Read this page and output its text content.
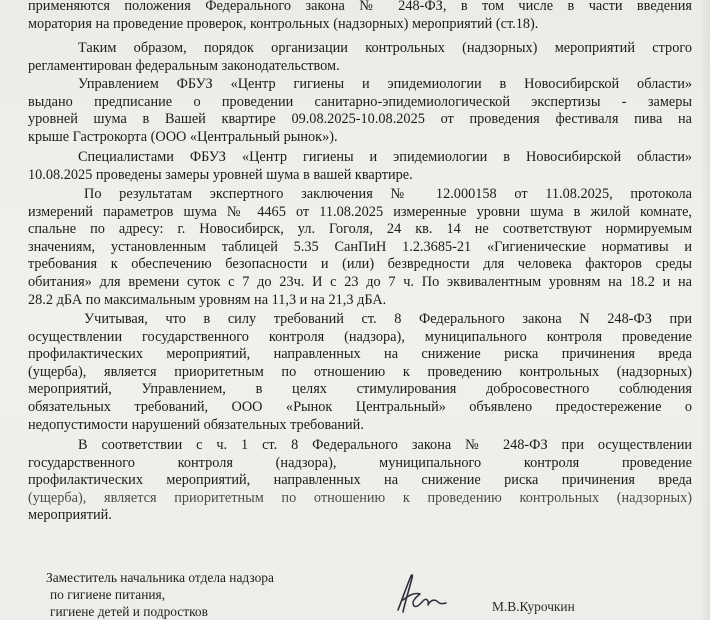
применяются положения Федерального закона № 248-ФЗ, в том числе в части введения
моратория на проведение проверок, контрольных (надзорных) мероприятий (ст.18).
Таким образом, порядок организации контрольных (надзорных) мероприятий строго
регламентирован федеральным законодательством.
Управлением ФБУЗ «Центр гигиены и эпидемиологии в Новосибирской области»
выдано предписание о проведении санитарно-эпидемиологической экспертизы - замеры
уровней шума в Вашей квартире 09.08.2025-10.08.2025 от проведения фестиваля пива на
крыше Гастрокорта (ООО «Центральный рынок»).
Специалистами ФБУЗ «Центр гигиены и эпидемиологии в Новосибирской области»
10.08.2025 проведены замеры уровней шума в вашей квартире.
По результатам экспертного заключения № 12.000158 от 11.08.2025, протокола
измерений параметров шума № 4465 от 11.08.2025 измеренные уровни шума в жилой комнате,
спальне по адресу: г. Новосибирск, ул. Гоголя, 24 кв. 14 не соответствуют нормируемым
значениям, установленным таблицей 5.35 СанПиН 1.2.3685-21 «Гигиенические нормативы и
требования к обеспечению безопасности и (или) безвредности для человека факторов среды
обитания» для времени суток с 7 до 23ч. И с 23 до 7 ч. По эквивалентным уровням на 18.2 и на
28.2 дБА по максимальным уровням на 11,3 и на 21,3 дБА.
Учитывая, что в силу требований ст. 8 Федерального закона N 248-ФЗ при
осуществлении государственного контроля (надзора), муниципального контроля проведение
профилактических мероприятий, направленных на снижение риска причинения вреда
(ущерба), является приоритетным по отношению к проведению контрольных (надзорных)
мероприятий, Управлением, в целях стимулирования добросовестного соблюдения
обязательных требований, ООО «Рынок Центральный» объявлено предостережение о
недопустимости нарушений обязательных требований.
В соответствии с ч. 1 ст. 8 Федерального закона № 248-ФЗ при осуществлении
государственного контроля (надзора), муниципального контроля проведение
профилактических мероприятий, направленных на снижение риска причинения вреда
(ущерба), является приоритетным по отношению к проведению контрольных (надзорных)
мероприятий.
Заместитель начальника отдела надзора
по гигиене питания,
гигиене детей и подростков	М.В.Курочкин
